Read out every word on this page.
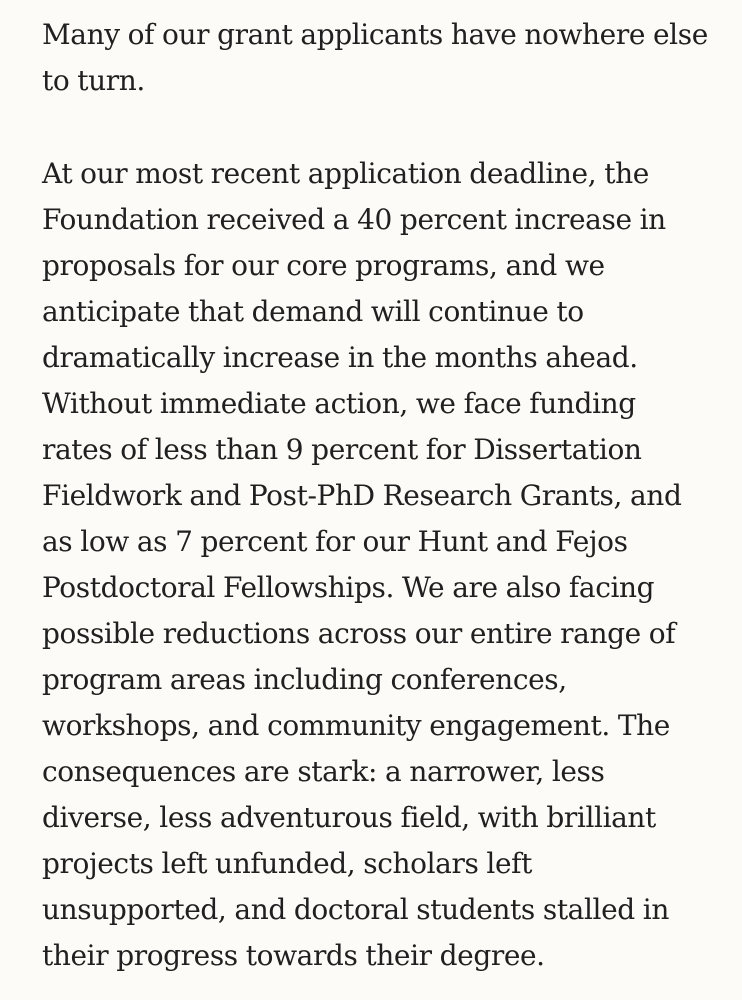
Many of our grant applicants have nowhere else
to turn.

At our most recent application deadline, the
Foundation received a 40 percent increase in
proposals for our core programs, and we
anticipate that demand will continue to
dramatically increase in the months ahead.
Without immediate action, we face funding
rates of less than 9 percent for Dissertation
Fieldwork and Post-PhD Research Grants, and
as low as 7 percent for our Hunt and Fejos
Postdoctoral Fellowships. We are also facing
possible reductions across our entire range of
program areas including conferences,
workshops, and community engagement. The
consequences are stark: a narrower, less
diverse, less adventurous field, with brilliant
projects left unfunded, scholars left
unsupported, and doctoral students stalled in
their progress towards their degree.
